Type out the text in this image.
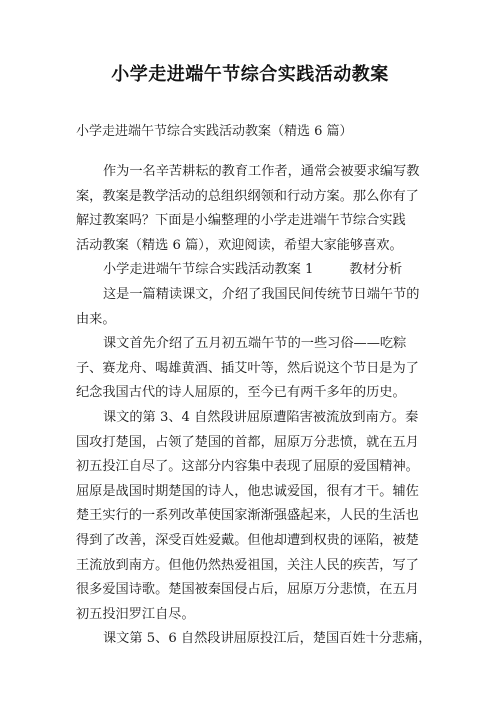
小学走进端午节综合实践活动教案
小学走进端午节综合实践活动教案（精选 6 篇）
作为一名辛苦耕耘的教育工作者，通常会被要求编写教
案，教案是教学活动的总组织纲领和行动方案。那么你有了
解过教案吗？下面是小编整理的小学走进端午节综合实践
活动教案（精选 6 篇），欢迎阅读，希望大家能够喜欢。
小学走进端午节综合实践活动教案 1	教材分析
这是一篇精读课文，介绍了我国民间传统节日端午节的
由来。
课文首先介绍了五月初五端午节的一些习俗——吃粽
子、赛龙舟、喝雄黄酒、插艾叶等，然后说这个节日是为了
纪念我国古代的诗人屈原的，至今已有两千多年的历史。
课文的第 3、4 自然段讲屈原遭陷害被流放到南方。秦
国攻打楚国，占领了楚国的首都，屈原万分悲愤，就在五月
初五投江自尽了。这部分内容集中表现了屈原的爱国精神。
屈原是战国时期楚国的诗人，他忠诚爱国，很有才干。辅佐
楚王实行的一系列改革使国家渐渐强盛起来，人民的生活也
得到了改善，深受百姓爱戴。但他却遭到权贵的诬陷，被楚
王流放到南方。但他仍然热爱祖国，关注人民的疾苦，写了
很多爱国诗歌。楚国被秦国侵占后，屈原万分悲愤，在五月
初五投汨罗江自尽。
课文第 5、6 自然段讲屈原投江后，楚国百姓十分悲痛，
